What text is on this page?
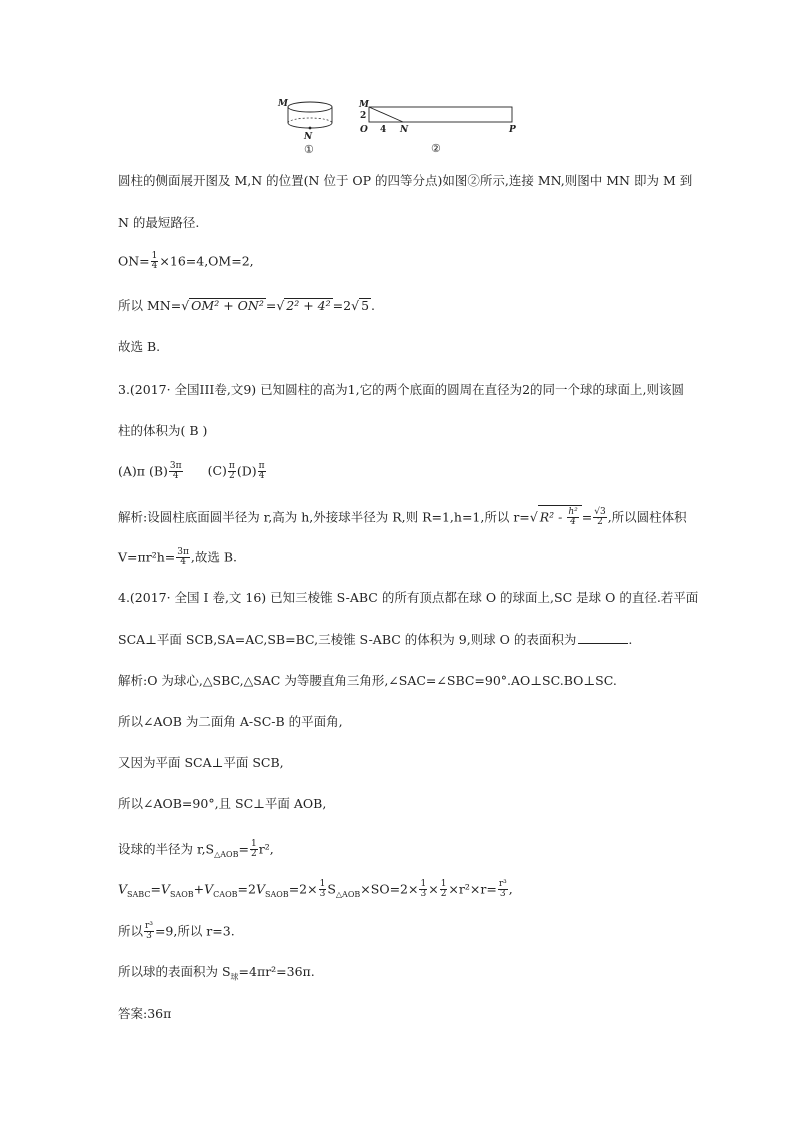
M
N
①
M
2
O 4 N	P
②
圆柱的侧面展开图及 M,N 的位置(N 位于 OP 的四等分点)如图②所示,连接 MN,则图中 MN 即为 M 到
N 的最短路径.
$ON= \frac{1}{4} \times 16=4,OM=2$,
所以 MN=√ OM² + ON² =√ 2² + 4² =2√ 5 .
故选 B.
3.(2017· 全国III卷,文9) 已知圆柱的高为1,它的两个底面的圆周在直径为2的同一个球的球面上,则该圆
柱的体积为( B )
(A)π $(B) \frac{3\pi}{4} (C) \frac{\pi}{2} (D) \frac{\pi}{4}$
解析:设圆柱底面圆半径为 r,高为 h,外接球半径为 R,则 R=1,h=1,所以 r=√ $R^2 - \frac{\text{h²}}{4} = \frac{√3}{2}$ ,所以圆柱体积
$V=\pi r^2h= \frac{3\pi}{4}$ ,故选 B.
4.(2017· 全国 I 卷,文 16) 已知三棱锥 S-ABC 的所有顶点都在球 O 的球面上,SC 是球 O 的直径.若平面
SCA⊥平面 SCB,SA=AC,SB=BC,三棱锥 S-ABC 的体积为 9,则球 O 的表面积为	.
解析:O 为球心,△SBC,△SAC 为等腰直角三角形,∠SAC=∠SBC=90°.AO⊥SC.BO⊥SC.
所以∠AOB 为二面角 A-SC-B 的平面角,
又因为平面 SCA⊥平面 SCB,
所以∠AOB=90°,且 SC⊥平面 AOB,
设球的半径为 $r,S_{\triangle AOB}= \frac{1}{2} r^2$,
$V_{SABC}=V_{SAOB}+V_{CAOB}=2V_{SAOB}=2\times \frac{1}{3} S_{\triangle AOB}\times SO=2\times \frac{1}{3} \times \frac{1}{2} \times r^2\times r= \frac{\text{r³}}{3}$ ,
所以 $\frac{\text{r³}}{3} =9$,所以 r=3.
所以球的表面积为 $S_球=4\pi r^2=36\pi$.
答案:36π
